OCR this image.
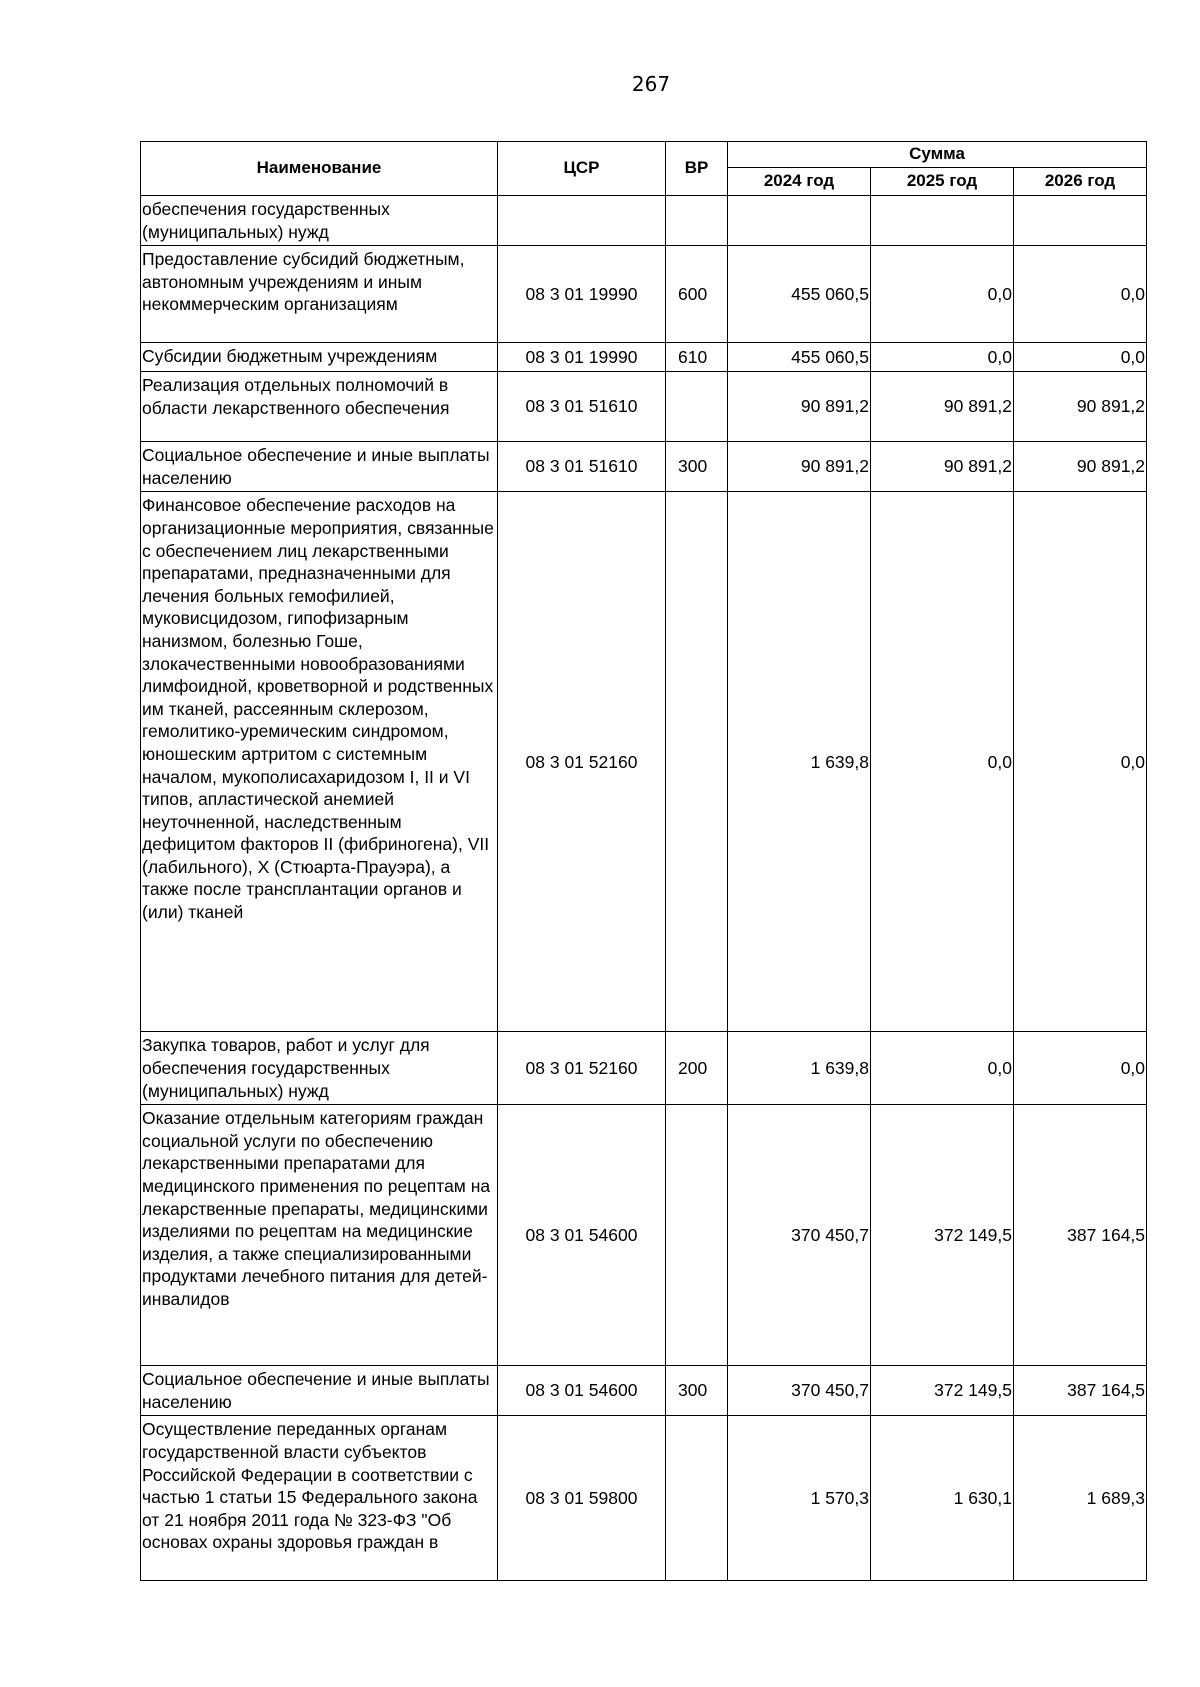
267
Наименование	ЦСР	ВР	Сумма		
			2024 год	2025 год	2026 год
обеспечения государственных (муниципальных) нужд					
Предоставление субсидий бюджетным, автономным учреждениям и иным некоммерческим организациям	08 3 01 19990	600	455 060,5	0,0	0,0
Субсидии бюджетным учреждениям	08 3 01 19990	610	455 060,5	0,0	0,0
Реализация отдельных полномочий в области лекарственного обеспечения	08 3 01 51610		90 891,2	90 891,2	90 891,2
Социальное обеспечение и иные выплаты населению	08 3 01 51610	300	90 891,2	90 891,2	90 891,2
Финансовое обеспечение расходов на организационные мероприятия, связанные с обеспечением лиц лекарственными препаратами, предназначенными для лечения больных гемофилией, муковисцидозом, гипофизарным нанизмом, болезнью Гоше, злокачественными новообразованиями лимфоидной, кроветворной и родственных им тканей, рассеянным склерозом, гемолитико-уремическим синдромом, юношеским артритом с системным началом, мукополисахаридозом I, II и VI типов, апластической анемией неуточненной, наследственным дефицитом факторов II (фибриногена), VII (лабильного), X (Стюарта-Прауэра), а также после трансплантации органов и (или) тканей	08 3 01 52160		1 639,8	0,0	0,0
Закупка товаров, работ и услуг для обеспечения государственных (муниципальных) нужд	08 3 01 52160	200	1 639,8	0,0	0,0
Оказание отдельным категориям граждан социальной услуги по обеспечению лекарственными препаратами для медицинского применения по рецептам на лекарственные препараты, медицинскими изделиями по рецептам на медицинские изделия, а также специализированными продуктами лечебного питания для детей-инвалидов	08 3 01 54600		370 450,7	372 149,5	387 164,5
Социальное обеспечение и иные выплаты населению	08 3 01 54600	300	370 450,7	372 149,5	387 164,5
Осуществление переданных органам государственной власти субъектов Российской Федерации в соответствии с частью 1 статьи 15 Федерального закона от 21 ноября 2011 года № 323-ФЗ "Об основах охраны здоровья граждан в	08 3 01 59800		1 570,3	1 630,1	1 689,3
